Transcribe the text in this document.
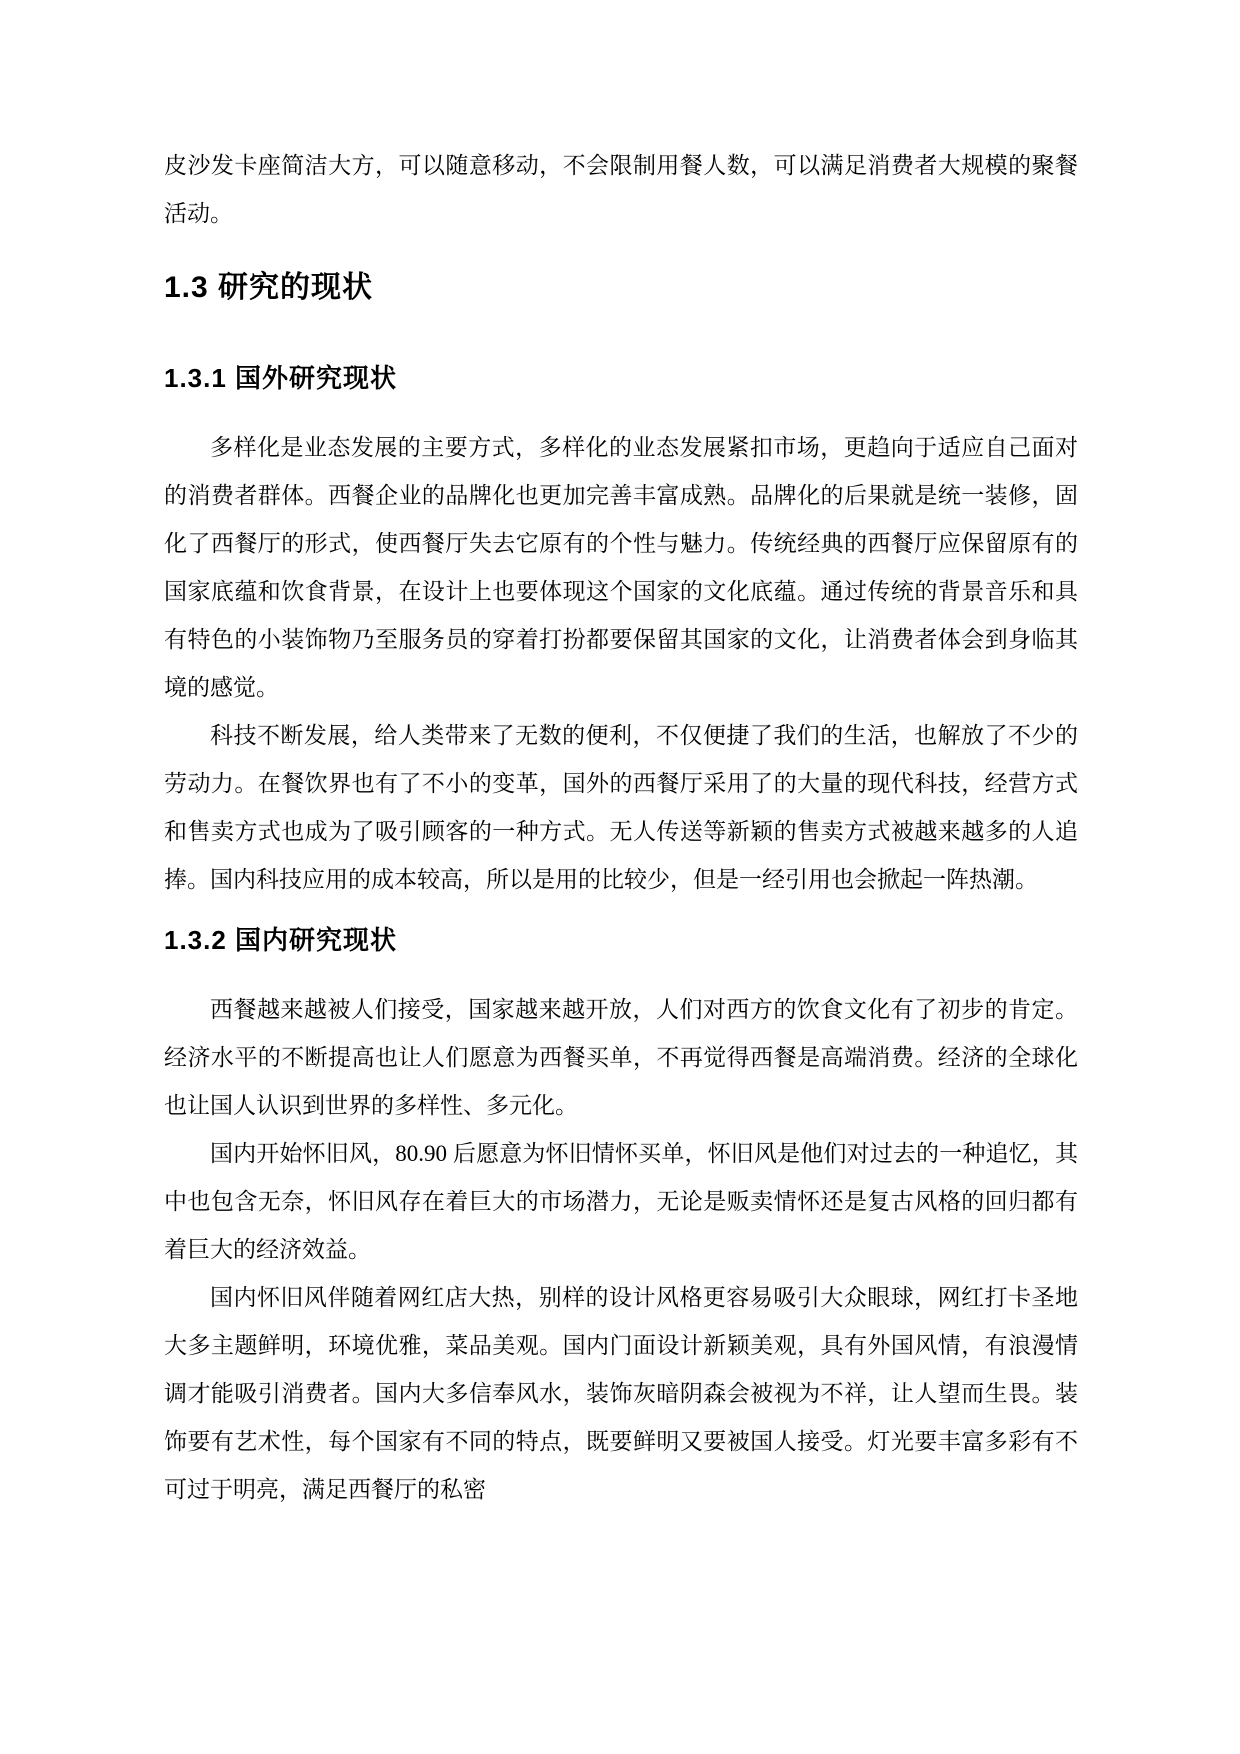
皮沙发卡座简洁大方，可以随意移动，不会限制用餐人数，可以满足消费者大规模的聚餐活动。

1.3 研究的现状
1.3.1 国外研究现状

多样化是业态发展的主要方式，多样化的业态发展紧扣市场，更趋向于适应自己面对的消费者群体。西餐企业的品牌化也更加完善丰富成熟。品牌化的后果就是统一装修，固化了西餐厅的形式，使西餐厅失去它原有的个性与魅力。传统经典的西餐厅应保留原有的国家底蕴和饮食背景，在设计上也要体现这个国家的文化底蕴。通过传统的背景音乐和具有特色的小装饰物乃至服务员的穿着打扮都要保留其国家的文化，让消费者体会到身临其境的感觉。

科技不断发展，给人类带来了无数的便利，不仅便捷了我们的生活，也解放了不少的劳动力。在餐饮界也有了不小的变革，国外的西餐厅采用了的大量的现代科技，经营方式和售卖方式也成为了吸引顾客的一种方式。无人传送等新颖的售卖方式被越来越多的人追捧。国内科技应用的成本较高，所以是用的比较少，但是一经引用也会掀起一阵热潮。

1.3.2 国内研究现状

西餐越来越被人们接受，国家越来越开放，人们对西方的饮食文化有了初步的肯定。经济水平的不断提高也让人们愿意为西餐买单，不再觉得西餐是高端消费。经济的全球化也让国人认识到世界的多样性、多元化。

国内开始怀旧风，80.90 后愿意为怀旧情怀买单，怀旧风是他们对过去的一种追忆，其中也包含无奈，怀旧风存在着巨大的市场潜力，无论是贩卖情怀还是复古风格的回归都有着巨大的经济效益。

国内怀旧风伴随着网红店大热，别样的设计风格更容易吸引大众眼球，网红打卡圣地大多主题鲜明，环境优雅，菜品美观。国内门面设计新颖美观，具有外国风情，有浪漫情调才能吸引消费者。国内大多信奉风水，装饰灰暗阴森会被视为不祥，让人望而生畏。装饰要有艺术性，每个国家有不同的特点，既要鲜明又要被国人接受。灯光要丰富多彩有不可过于明亮，满足西餐厅的私密
